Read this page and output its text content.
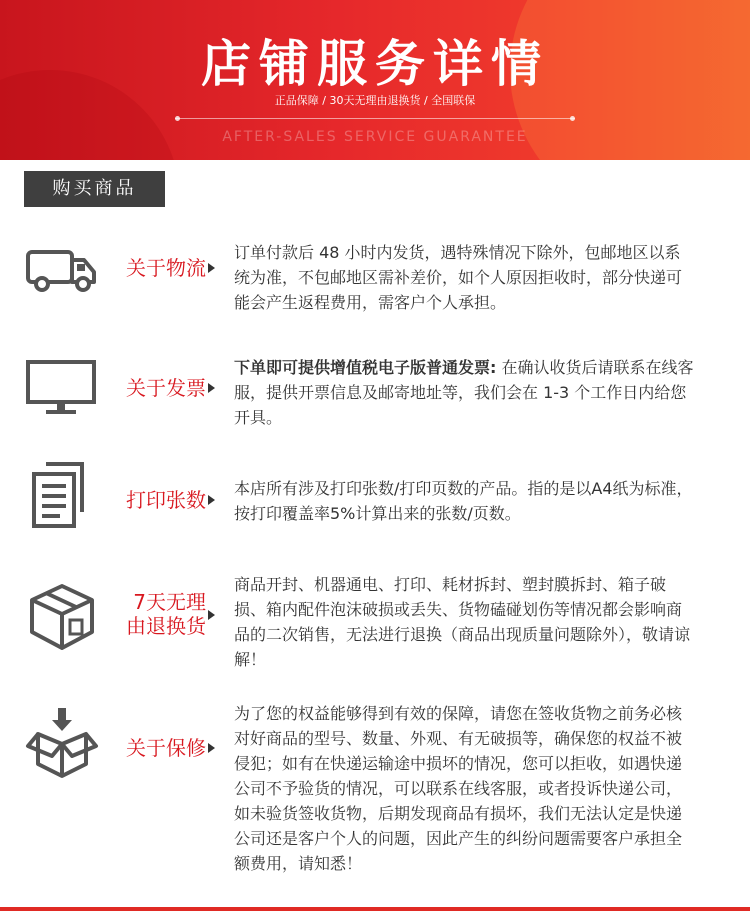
店铺服务详情
正品保障 / 30天无理由退换货 / 全国联保
AFTER-SALES SERVICE GUARANTEE
购买商品
关于物流
订单付款后 48 小时内发货，遇特殊情况下除外，包邮地区以系统为准，不包邮地区需补差价，如个人原因拒收时，部分快递可能会产生返程费用，需客户个人承担。
关于发票
下单即可提供增值税电子版普通发票: 在确认收货后请联系在线客服，提供开票信息及邮寄地址等，我们会在 1-3 个工作日内给您开具。
打印张数 本店所有涉及打印张数/打印页数的产品。指的是以A4纸为标准，按打印覆盖率5%计算出来的张数/页数。
7天无理
由退换货
商品开封、机器通电、打印、耗材拆封、塑封膜拆封、箱子破损、箱内配件泡沫破损或丢失、货物磕碰划伤等情况都会影响商品的二次销售，无法进行退换（商品出现质量问题除外），敬请谅解！
关于保修
为了您的权益能够得到有效的保障，请您在签收货物之前务必核对好商品的型号、数量、外观、有无破损等，确保您的权益不被侵犯；如有在快递运输途中损坏的情况，您可以拒收，如遇快递公司不予验货的情况，可以联系在线客服，或者投诉快递公司，如未验货签收货物，后期发现商品有损坏，我们无法认定是快递公司还是客户个人的问题，因此产生的纠纷问题需要客户承担全额费用，请知悉！
